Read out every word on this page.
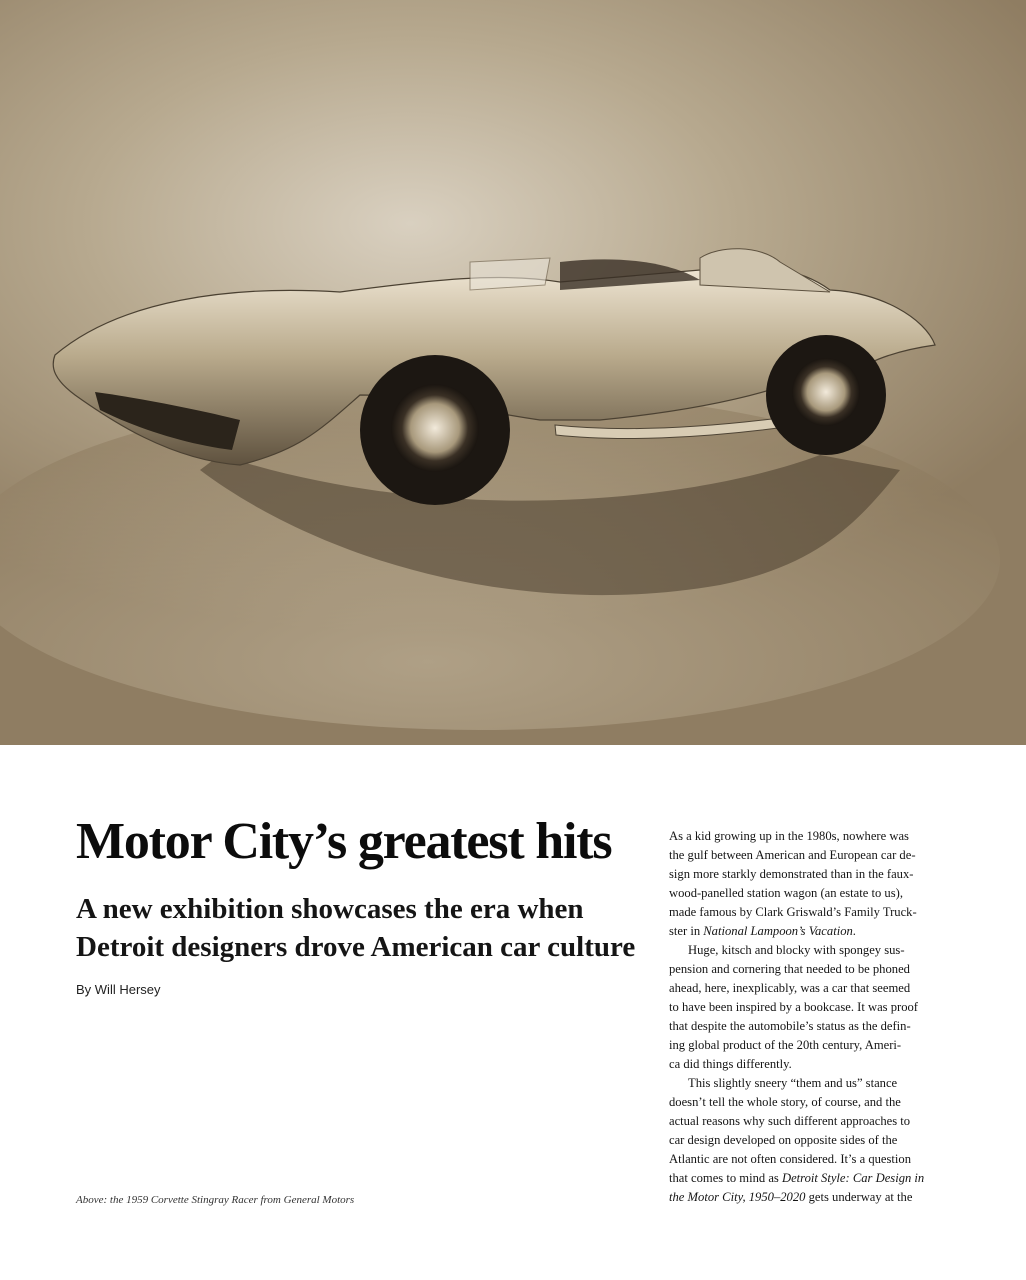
Motor City’s greatest hits
A new exhibition showcases the era when
Detroit designers drove American car culture
By Will Hersey
Above: the 1959 Corvette Stingray Racer from General Motors
As a kid growing up in the 1980s, nowhere was
the gulf between American and European car de-
sign more starkly demonstrated than in the faux-
wood-panelled station wagon (an estate to us),
made famous by Clark Griswald’s Family Truck-
ster in National Lampoon’s Vacation.
Huge, kitsch and blocky with spongey sus-
pension and cornering that needed to be phoned
ahead, here, inexplicably, was a car that seemed
to have been inspired by a bookcase. It was proof
that despite the automobile’s status as the defin-
ing global product of the 20th century, Ameri-
ca did things differently.
This slightly sneery “them and us” stance
doesn’t tell the whole story, of course, and the
actual reasons why such different approaches to
car design developed on opposite sides of the
Atlantic are not often considered. It’s a question
that comes to mind as Detroit Style: Car Design in
the Motor City, 1950–2020 gets underway at the
